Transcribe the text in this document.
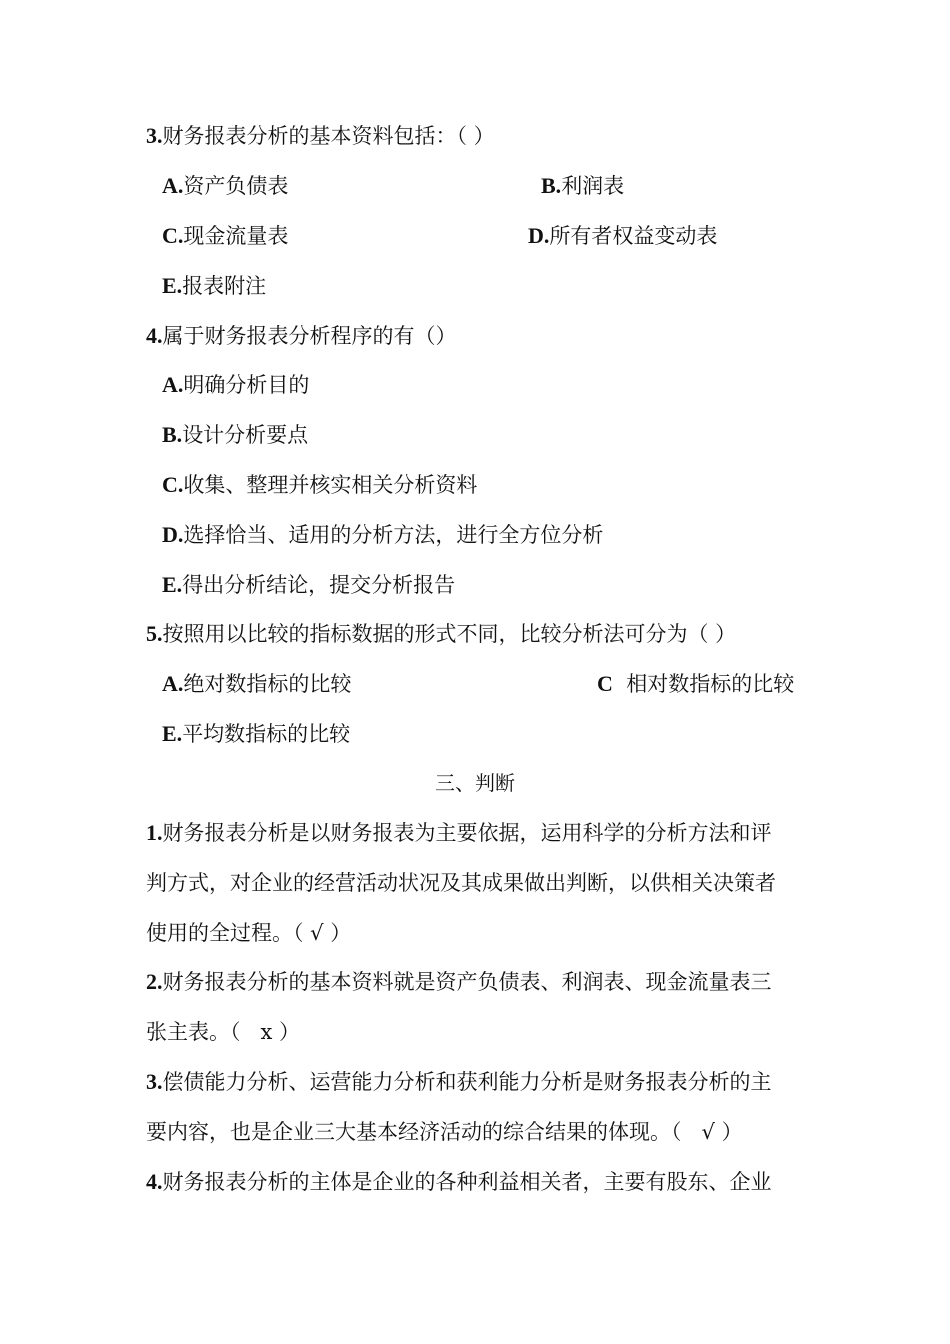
3.财务报表分析的基本资料包括：（ ）
A.资产负债表	B.利润表
C.现金流量表	D.所有者权益变动表
E.报表附注
4.属于财务报表分析程序的有（）
A.明确分析目的
B.设计分析要点
C.收集、整理并核实相关分析资料
D.选择恰当、适用的分析方法，进行全方位分析
E.得出分析结论，提交分析报告
5.按照用以比较的指标数据的形式不同，比较分析法可分为（ ）
A.绝对数指标的比较	C  相对数指标的比较
E.平均数指标的比较
三、判断
1.财务报表分析是以财务报表为主要依据，运用科学的分析方法和评
判方式，对企业的经营活动状况及其成果做出判断，以供相关决策者
使用的全过程。（ √ ）
2.财务报表分析的基本资料就是资产负债表、利润表、现金流量表三
张主表。（   x ）
3.偿债能力分析、运营能力分析和获利能力分析是财务报表分析的主
要内容，也是企业三大基本经济活动的综合结果的体现。（   √ ）
4.财务报表分析的主体是企业的各种利益相关者，主要有股东、企业
